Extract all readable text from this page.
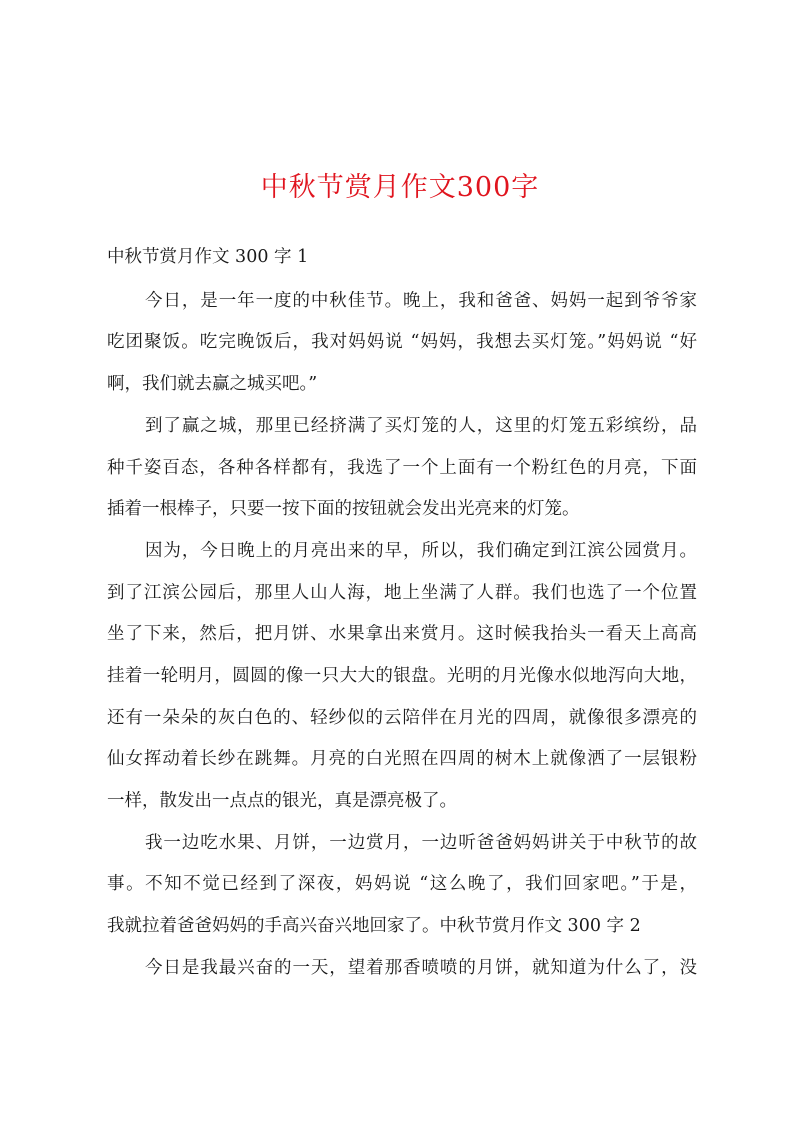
中秋节赏月作文300字

中秋节赏月作文 300 字 1

今日，是一年一度的中秋佳节。晚上，我和爸爸、妈妈一起到爷爷家

吃团聚饭。吃完晚饭后，我对妈妈说 “妈妈，我想去买灯笼。”妈妈说 “好

啊，我们就去赢之城买吧。”

到了赢之城，那里已经挤满了买灯笼的人，这里的灯笼五彩缤纷，品

种千姿百态，各种各样都有，我选了一个上面有一个粉红色的月亮，下面

插着一根棒子，只要一按下面的按钮就会发出光亮来的灯笼。

因为，今日晚上的月亮出来的早，所以，我们确定到江滨公园赏月。

到了江滨公园后，那里人山人海，地上坐满了人群。我们也选了一个位置

坐了下来，然后，把月饼、水果拿出来赏月。这时候我抬头一看天上高高

挂着一轮明月，圆圆的像一只大大的银盘。光明的月光像水似地泻向大地，

还有一朵朵的灰白色的、轻纱似的云陪伴在月光的四周，就像很多漂亮的

仙女挥动着长纱在跳舞。月亮的白光照在四周的树木上就像洒了一层银粉

一样，散发出一点点的银光，真是漂亮极了。

我一边吃水果、月饼，一边赏月，一边听爸爸妈妈讲关于中秋节的故

事。不知不觉已经到了深夜，妈妈说 “这么晚了，我们回家吧。”于是，

我就拉着爸爸妈妈的手高兴奋兴地回家了。中秋节赏月作文 300 字 2

今日是我最兴奋的一天，望着那香喷喷的月饼，就知道为什么了，没
